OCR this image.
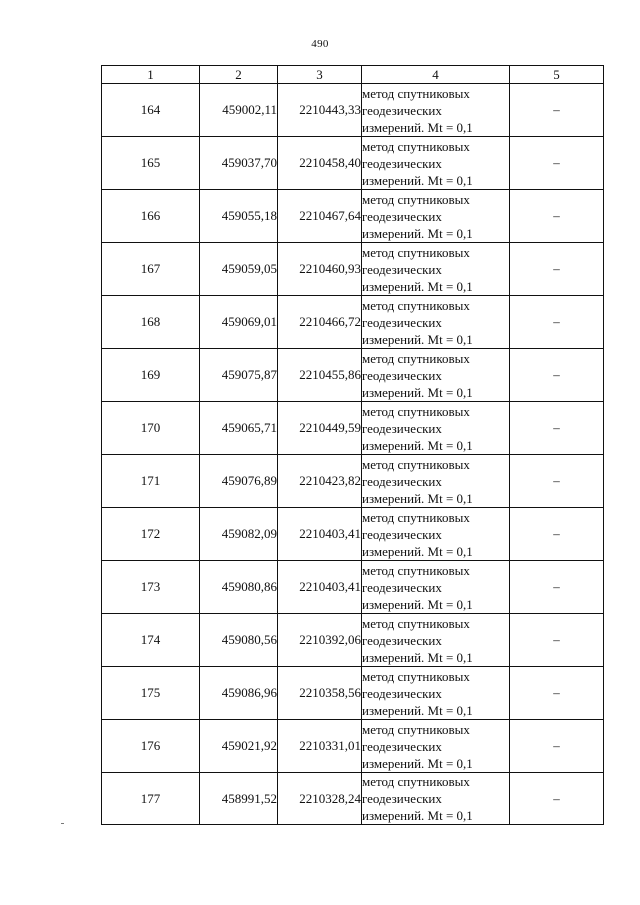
490
1	2	3	4	5
164	459002,11	2210443,33	метод спутниковых
геодезических
измерений. Mt = 0,1	–
165	459037,70	2210458,40	метод спутниковых
геодезических
измерений. Mt = 0,1	–
166	459055,18	2210467,64	метод спутниковых
геодезических
измерений. Mt = 0,1	–
167	459059,05	2210460,93	метод спутниковых
геодезических
измерений. Mt = 0,1	–
168	459069,01	2210466,72	метод спутниковых
геодезических
измерений. Mt = 0,1	–
169	459075,87	2210455,86	метод спутниковых
геодезических
измерений. Mt = 0,1	–
170	459065,71	2210449,59	метод спутниковых
геодезических
измерений. Mt = 0,1	–
171	459076,89	2210423,82	метод спутниковых
геодезических
измерений. Mt = 0,1	–
172	459082,09	2210403,41	метод спутниковых
геодезических
измерений. Mt = 0,1	–
173	459080,86	2210403,41	метод спутниковых
геодезических
измерений. Mt = 0,1	–
174	459080,56	2210392,06	метод спутниковых
геодезических
измерений. Mt = 0,1	–
175	459086,96	2210358,56	метод спутниковых
геодезических
измерений. Mt = 0,1	–
176	459021,92	2210331,01	метод спутниковых
геодезических
измерений. Mt = 0,1	–
177	458991,52	2210328,24	метод спутниковых
геодезических
измерений. Mt = 0,1	–
